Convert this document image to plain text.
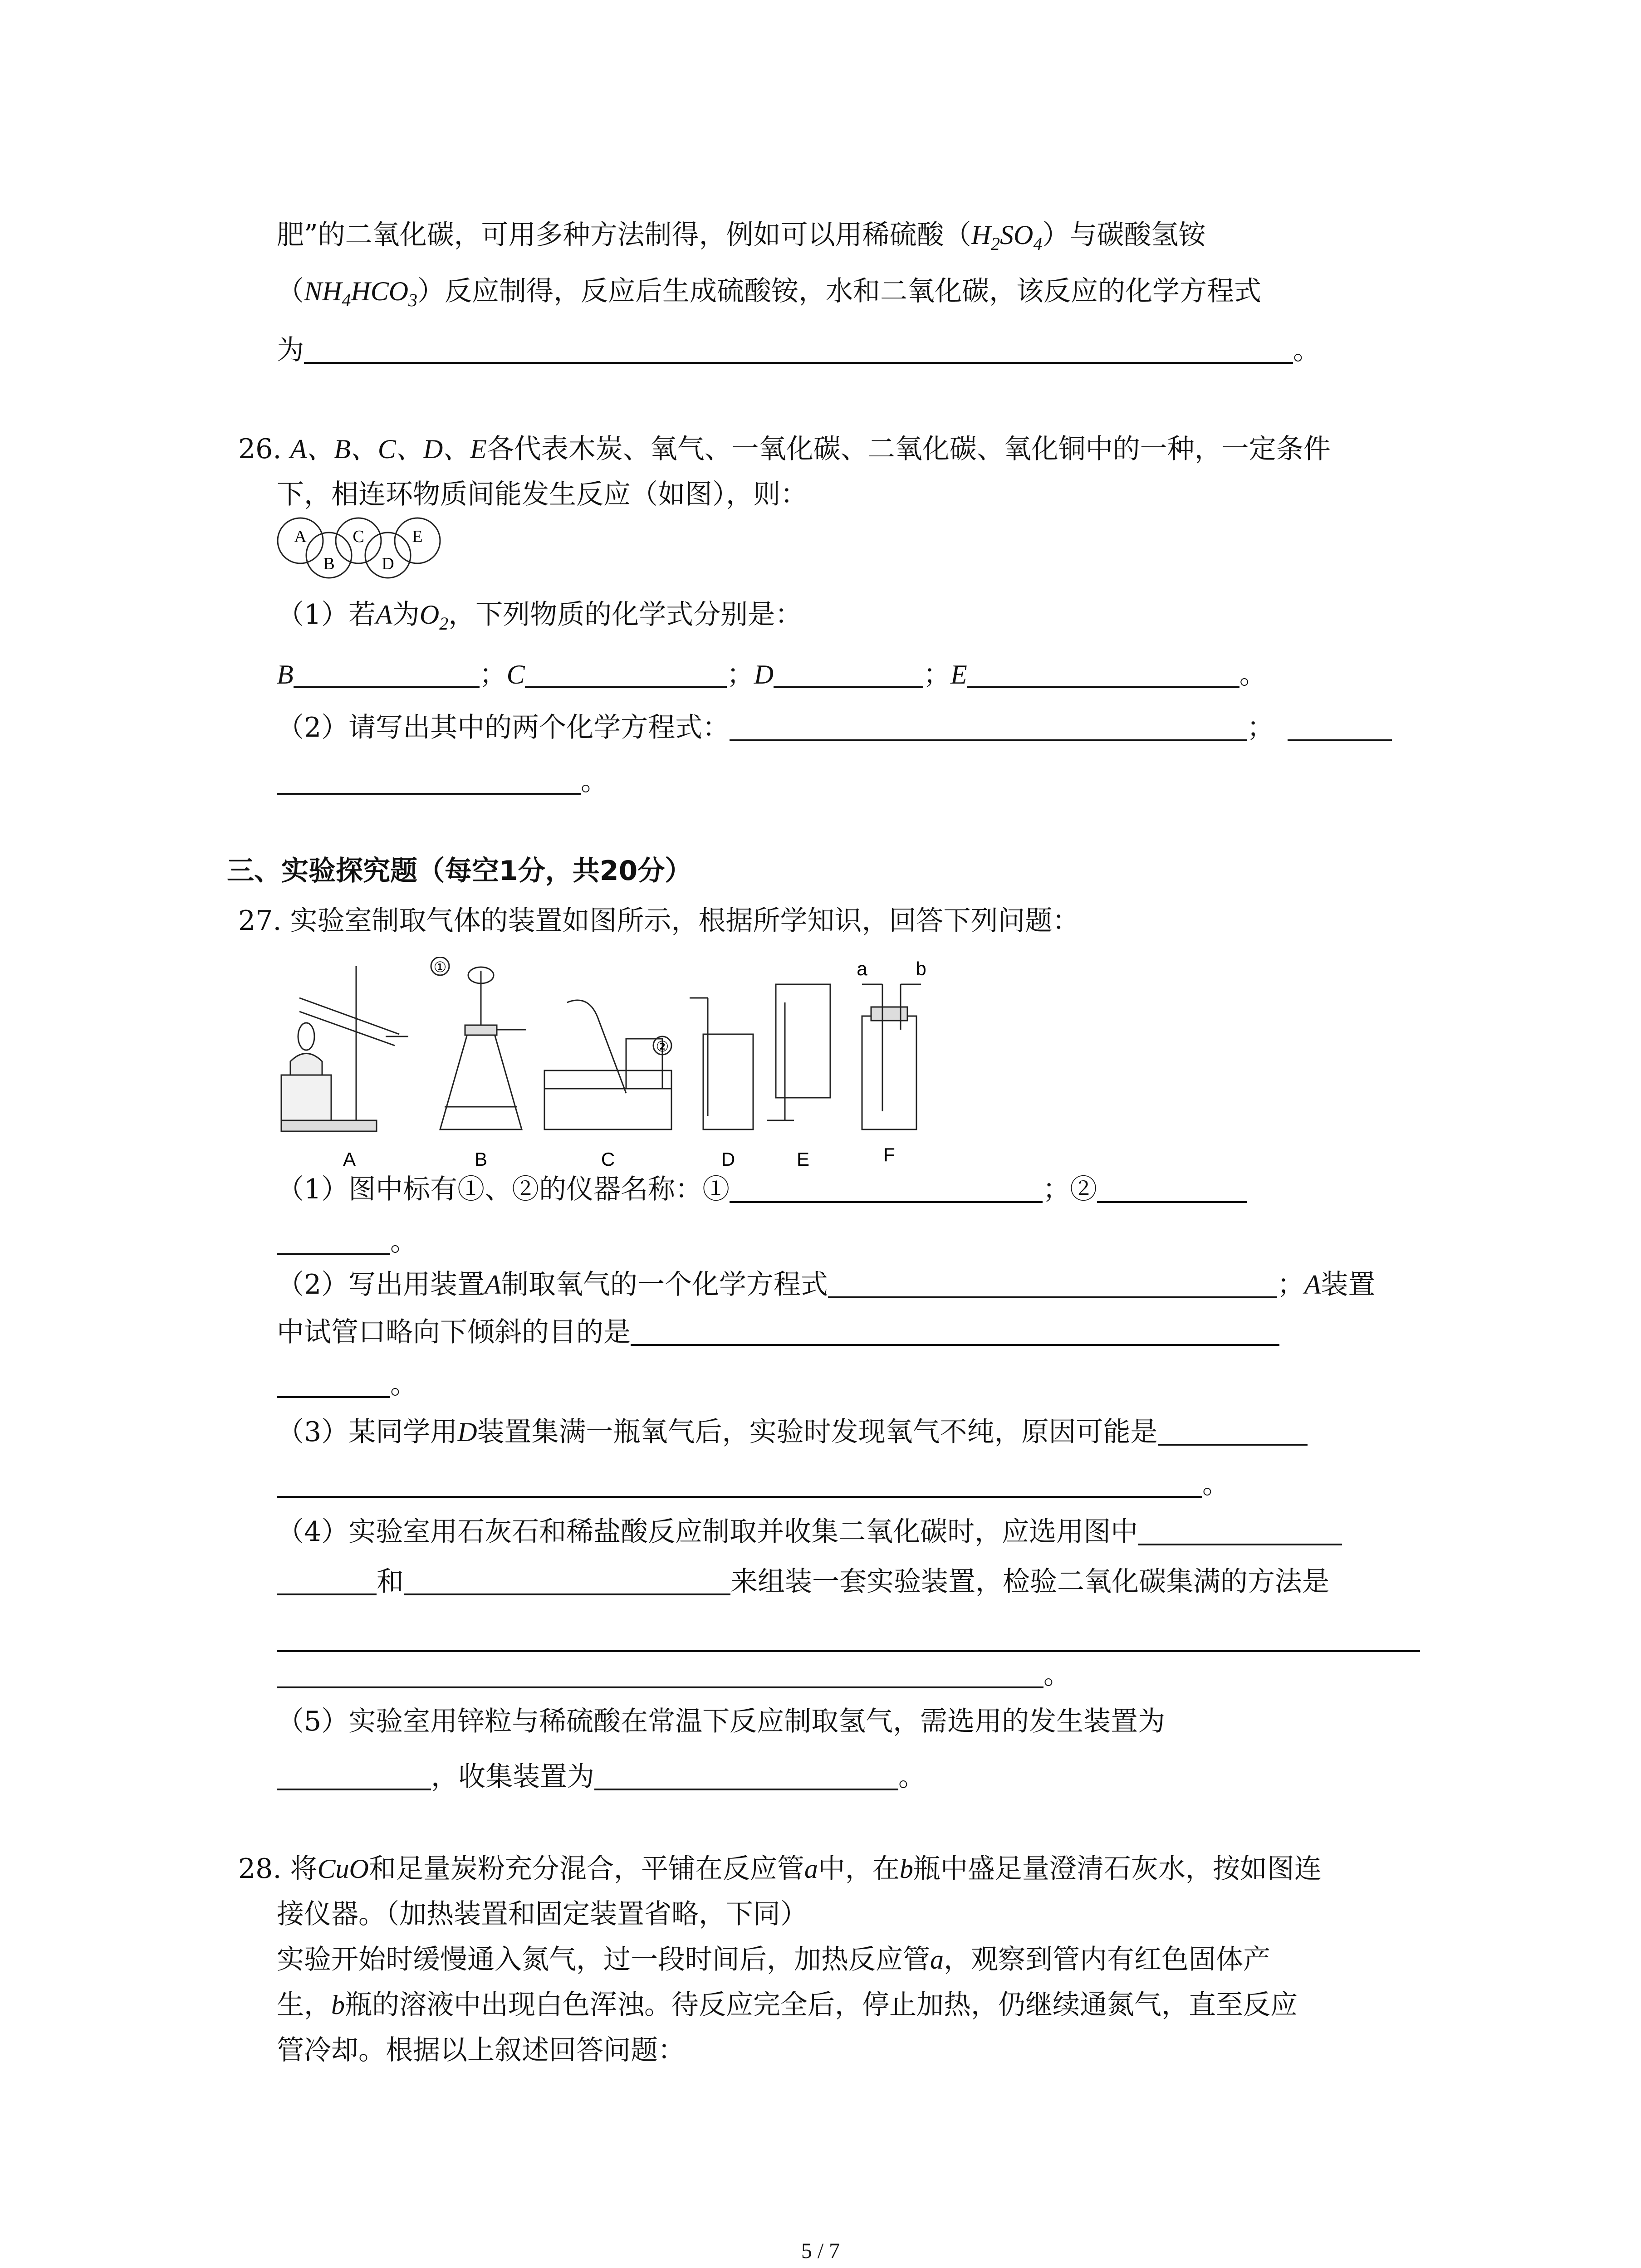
肥”的二氧化碳，可用多种方法制得，例如可以用稀硫酸$(H_2SO_4)$与碳酸氢铵
$(NH_4HCO_3)$反应制得，反应后生成硫酸铵，水和二氧化碳，该反应的化学方程式
为	。
26. A、B、C、D、E各代表木炭、氧气、一氧化碳、二氧化碳、氧化铜中的一种，一定条件
下，相连环物质间能发生反应（如图），则：
A
B
C
D
E
（1）若A为$O_2$，下列物质的化学式分别是：
B	；C	；D	；E	。
（2）请写出其中的两个化学方程式：	；
。
三、实验探究题（每空1分，共20分）
27. 实验室制取气体的装置如图所示，根据所学知识，回答下列问题：
①
②
a	b
A	B	C	D	E	F
（1）图中标有①、②的仪器名称：①	；②
。
（2）写出用装置A制取氧气的一个化学方程式	；A装置
中试管口略向下倾斜的目的是
。
（3）某同学用D装置集满一瓶氧气后，实验时发现氧气不纯，原因可能是
。
（4）实验室用石灰石和稀盐酸反应制取并收集二氧化碳时，应选用图中
和	来组装一套实验装置，检验二氧化碳集满的方法是
。
（5）实验室用锌粒与稀硫酸在常温下反应制取氢气，需选用的发生装置为
，收集装置为	。
28. 将CuO和足量炭粉充分混合，平铺在反应管a中，在b瓶中盛足量澄清石灰水，按如图连
接仪器。（加热装置和固定装置省略，下同）
实验开始时缓慢通入氮气，过一段时间后，加热反应管a，观察到管内有红色固体产
生，b瓶的溶液中出现白色浑浊。待反应完全后，停止加热，仍继续通氮气，直至反应
管冷却。根据以上叙述回答问题：
5 / 7
